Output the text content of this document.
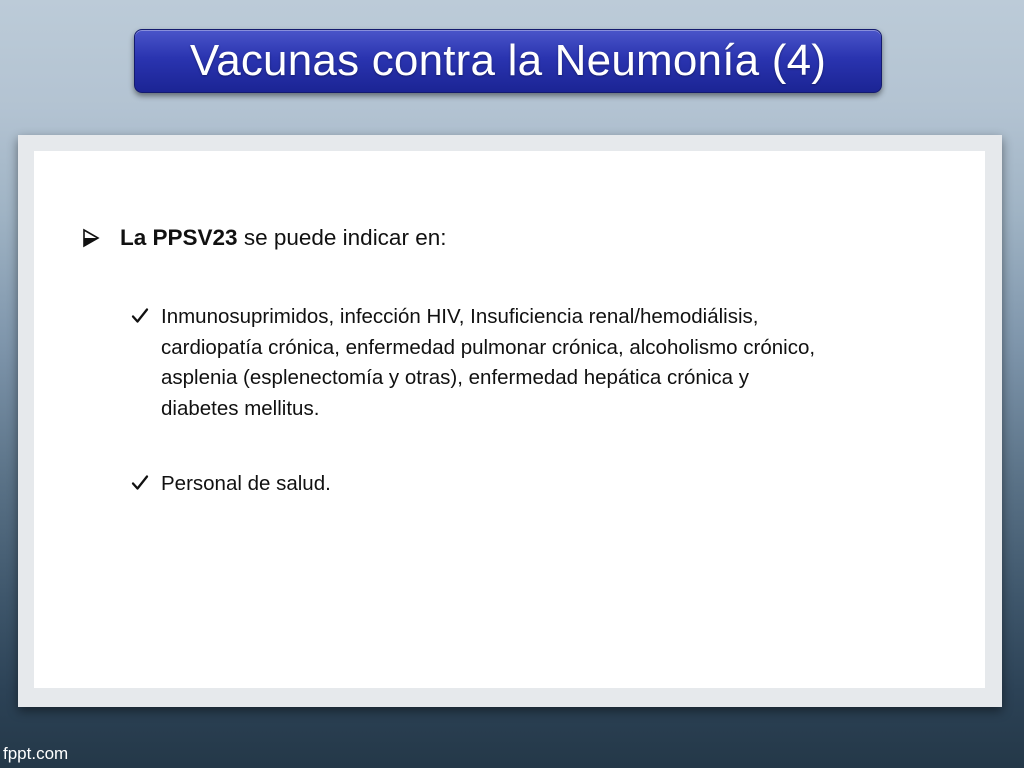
Vacunas contra la Neumonía (4)
La PPSV23 se puede indicar en:
Inmunosuprimidos, infección HIV, Insuficiencia renal/hemodiálisis,
cardiopatía crónica, enfermedad pulmonar crónica, alcoholismo crónico,
asplenia (esplenectomía y otras), enfermedad hepática crónica y
diabetes mellitus.
Personal de salud.
fppt.com
